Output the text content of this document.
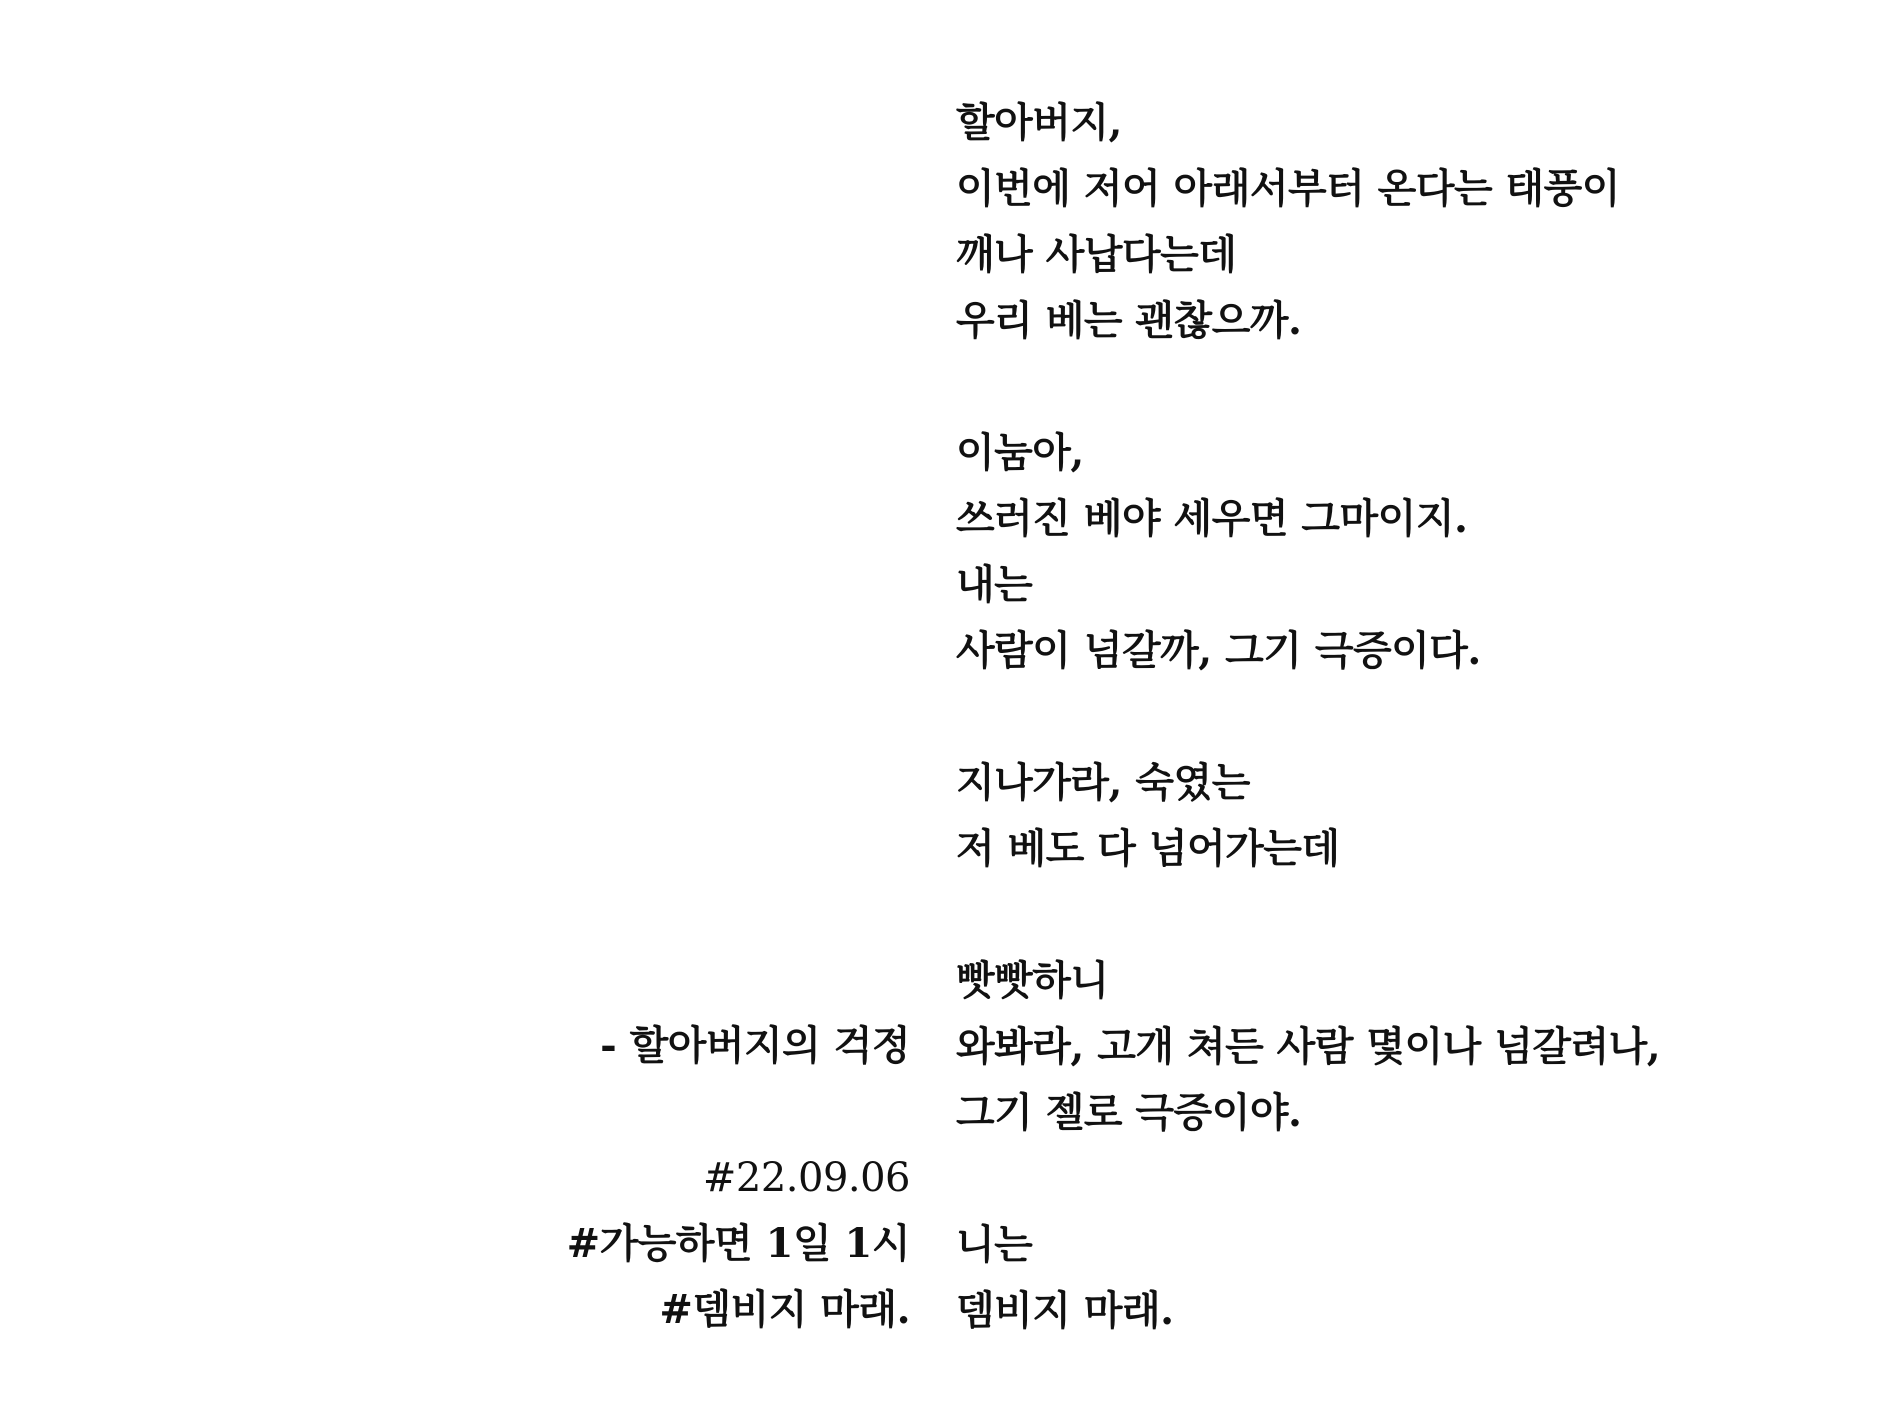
할아버지,
이번에 저어 아래서부터 온다는 태풍이
깨나 사납다는데
우리 베는 괜찮으까.
이눔아,
쓰러진 베야 세우면 그마이지.
내는
사람이 넘갈까, 그기 극증이다.
지나가라, 숙였는
저 베도 다 넘어가는데
빳빳하니
와봐라, 고개 쳐든 사람 몇이나 넘갈려나,
그기 젤로 극증이야.
니는
뎀비지 마래.
- 할아버지의 걱정
#22.09.06
#가능하면 1일 1시
#뎀비지 마래.
